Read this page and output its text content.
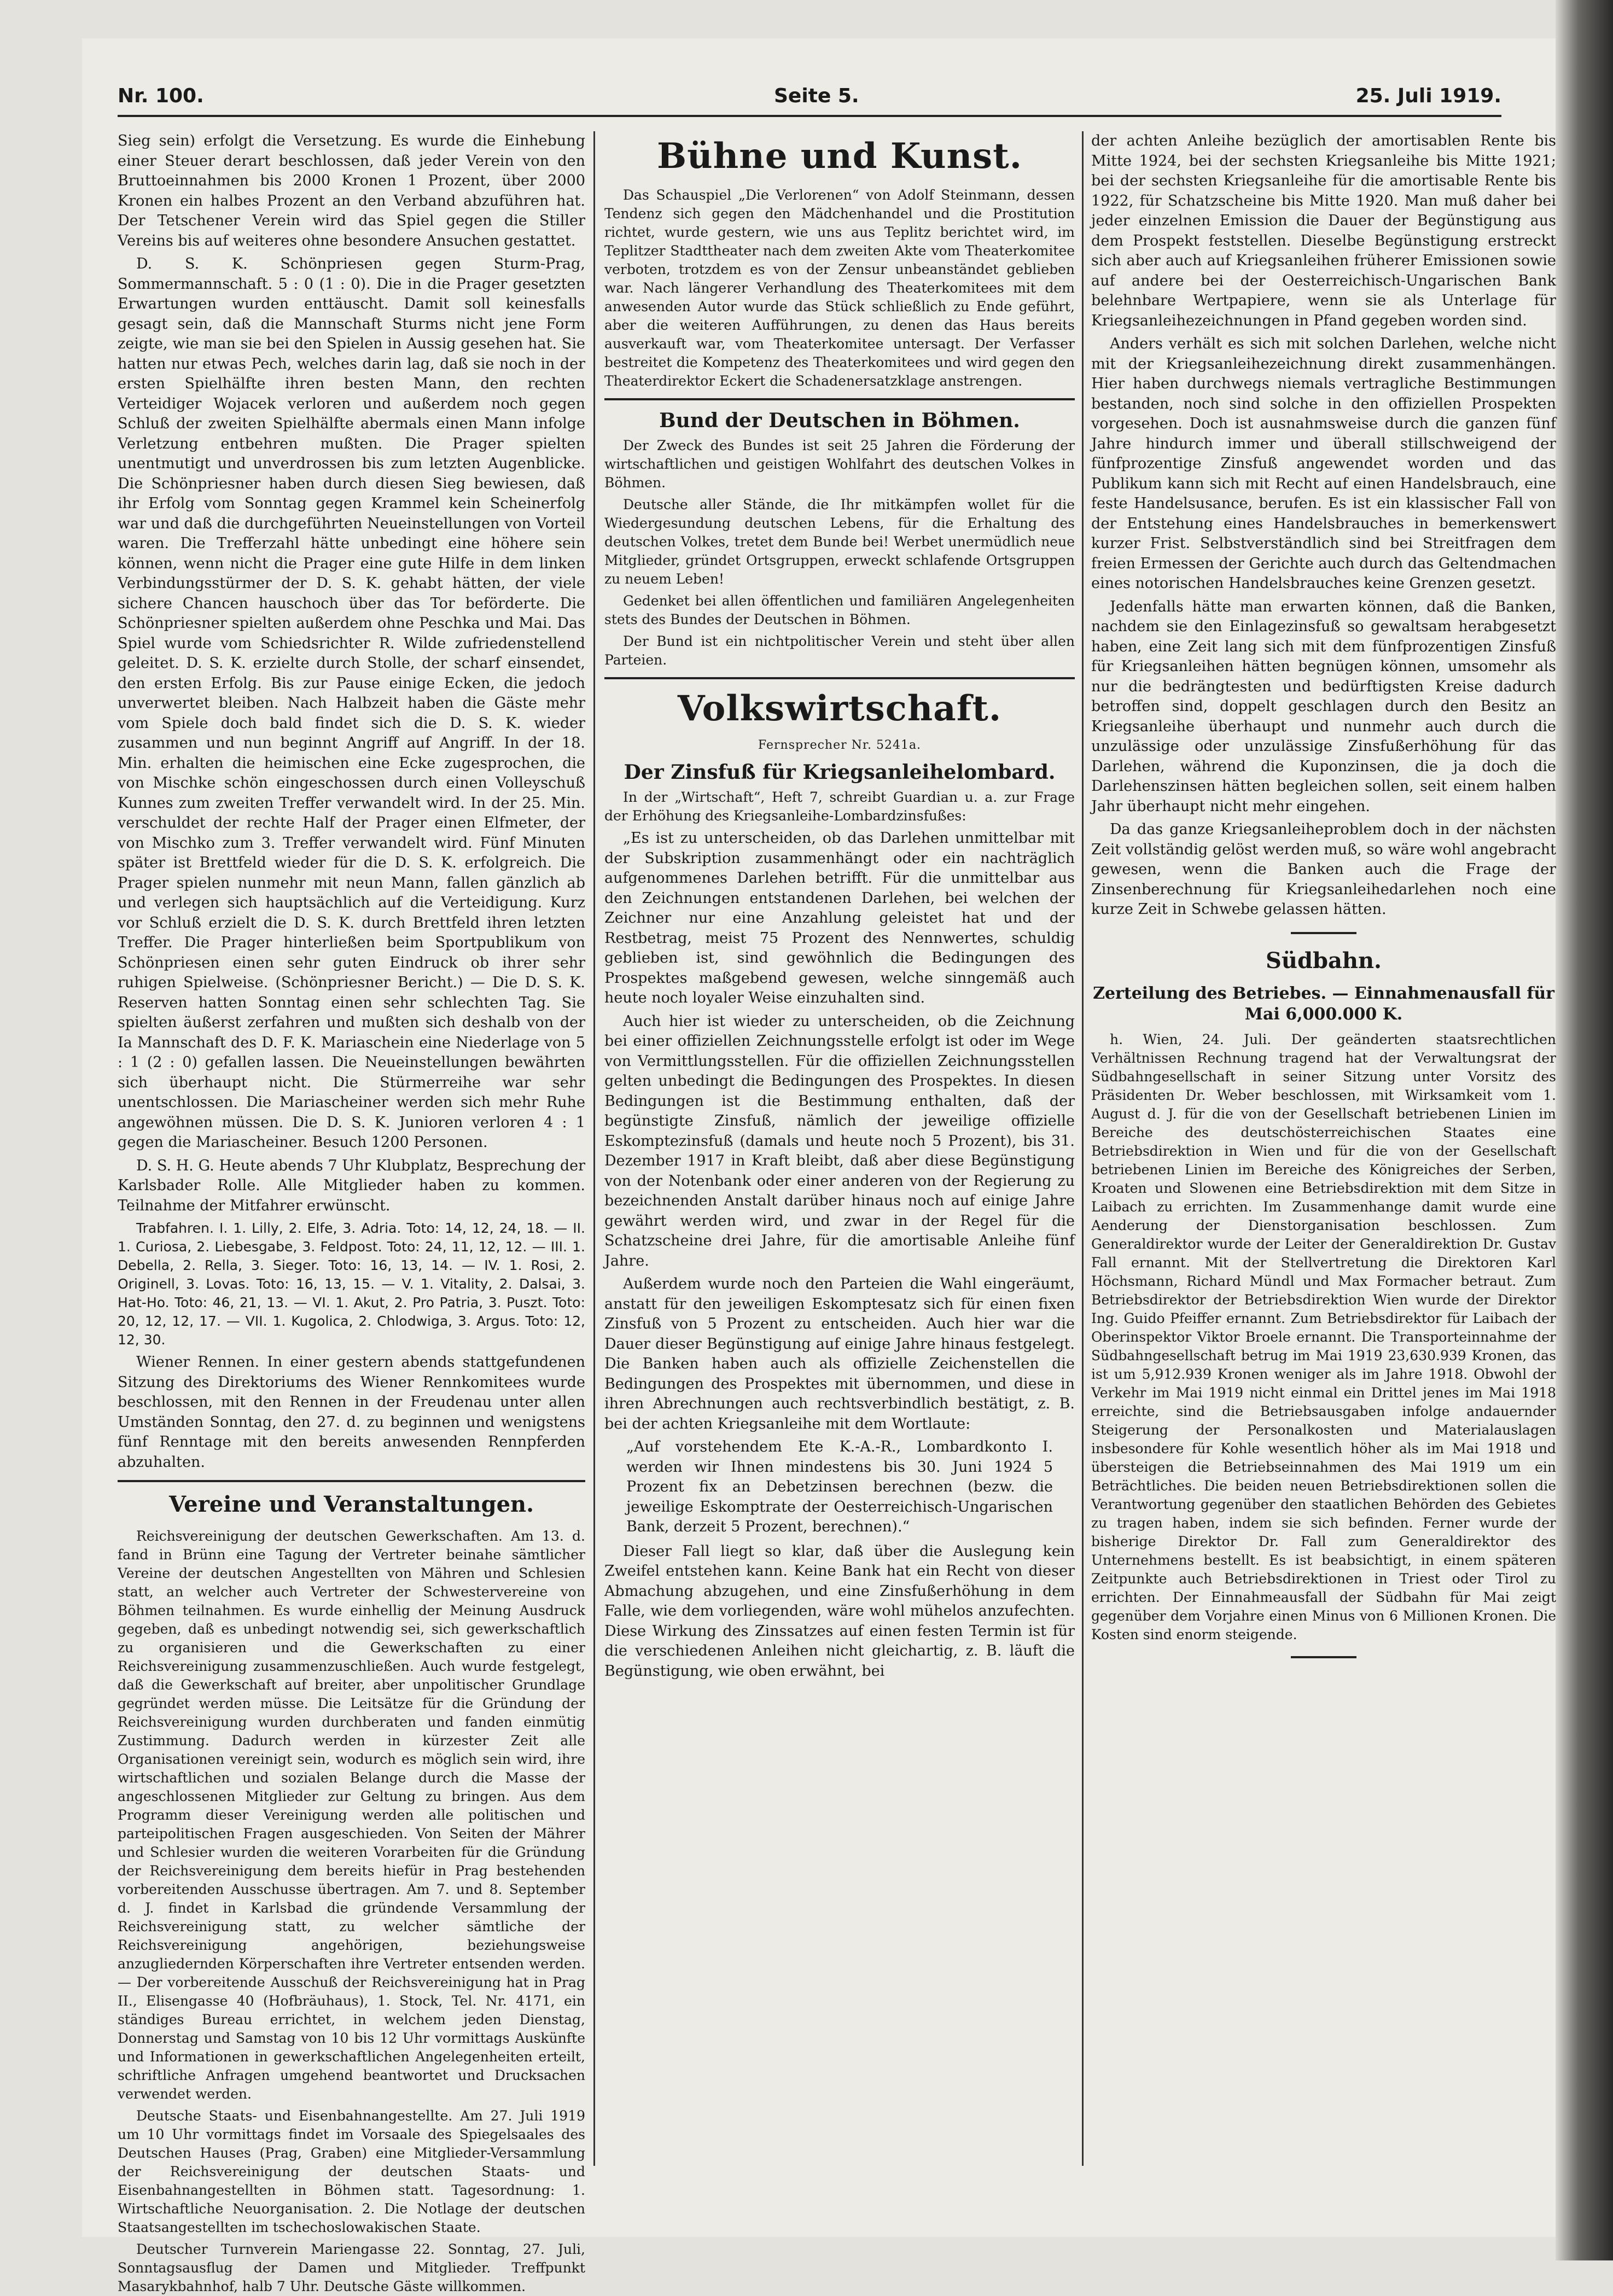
Nr. 100.	Seite 5.	25. Juli 1919.

Sieg sein) erfolgt die Versetzung. Es wurde die Einhebung einer Steuer derart beschlossen, daß jeder Verein von den Bruttoeinnahmen bis 2000 Kronen 1 Prozent, über 2000 Kronen ein halbes Prozent an den Verband abzuführen hat. Der Tetschener Verein wird das Spiel gegen die Stiller Vereins bis auf weiteres ohne besondere Ansuchen gestattet.

D. S. K. Schönpriesen gegen Sturm-Prag, Sommermannschaft. 5 : 0 (1 : 0). Die in die Prager gesetzten Erwartungen wurden enttäuscht. Damit soll keinesfalls gesagt sein, daß die Mannschaft Sturms nicht jene Form zeigte, wie man sie bei den Spielen in Aussig gesehen hat. Sie hatten nur etwas Pech, welches darin lag, daß sie noch in der ersten Spielhälfte ihren besten Mann, den rechten Verteidiger Wojacek verloren und außerdem noch gegen Schluß der zweiten Spielhälfte abermals einen Mann infolge Verletzung entbehren mußten. Die Prager spielten unentmutigt und unverdrossen bis zum letzten Augenblicke. Die Schönpriesner haben durch diesen Sieg bewiesen, daß ihr Erfolg vom Sonntag gegen Krammel kein Scheinerfolg war und daß die durchgeführten Neueinstellungen von Vorteil waren. Die Trefferzahl hätte unbedingt eine höhere sein können, wenn nicht die Prager eine gute Hilfe in dem linken Verbindungsstürmer der D. S. K. gehabt hätten, der viele sichere Chancen hauschoch über das Tor beförderte. Die Schönpriesner spielten außerdem ohne Peschka und Mai. Das Spiel wurde vom Schiedsrichter R. Wilde zufriedenstellend geleitet. D. S. K. erzielte durch Stolle, der scharf einsendet, den ersten Erfolg. Bis zur Pause einige Ecken, die jedoch unverwertet bleiben. Nach Halbzeit haben die Gäste mehr vom Spiele doch bald findet sich die D. S. K. wieder zusammen und nun beginnt Angriff auf Angriff. In der 18. Min. erhalten die heimischen eine Ecke zugesprochen, die von Mischke schön eingeschossen durch einen Volleyschuß Kunnes zum zweiten Treffer verwandelt wird. In der 25. Min. verschuldet der rechte Half der Prager einen Elfmeter, der von Mischko zum 3. Treffer verwandelt wird. Fünf Minuten später ist Brettfeld wieder für die D. S. K. erfolgreich. Die Prager spielen nunmehr mit neun Mann, fallen gänzlich ab und verlegen sich hauptsächlich auf die Verteidigung. Kurz vor Schluß erzielt die D. S. K. durch Brettfeld ihren letzten Treffer. Die Prager hinterließen beim Sportpublikum von Schönpriesen einen sehr guten Eindruck ob ihrer sehr ruhigen Spielweise. (Schönpriesner Bericht.) — Die D. S. K. Reserven hatten Sonntag einen sehr schlechten Tag. Sie spielten äußerst zerfahren und mußten sich deshalb von der Ia Mannschaft des D. F. K. Mariaschein eine Niederlage von 5 : 1 (2 : 0) gefallen lassen. Die Neueinstellungen bewährten sich überhaupt nicht. Die Stürmerreihe war sehr unentschlossen. Die Mariascheiner werden sich mehr Ruhe angewöhnen müssen. Die D. S. K. Junioren verloren 4 : 1 gegen die Mariascheiner. Besuch 1200 Personen.

D. S. H. G. Heute abends 7 Uhr Klubplatz, Besprechung der Karlsbader Rolle. Alle Mitglieder haben zu kommen. Teilnahme der Mitfahrer erwünscht.

Trabfahren. I. 1. Lilly, 2. Elfe, 3. Adria. Toto: 14, 12, 24, 18. — II. 1. Curiosa, 2. Liebesgabe, 3. Feldpost. Toto: 24, 11, 12, 12. — III. 1. Debella, 2. Rella, 3. Sieger. Toto: 16, 13, 14. — IV. 1. Rosi, 2. Originell, 3. Lovas. Toto: 16, 13, 15. — V. 1. Vitality, 2. Dalsai, 3. Hat-Ho. Toto: 46, 21, 13. — VI. 1. Akut, 2. Pro Patria, 3. Puszt. Toto: 20, 12, 12, 17. — VII. 1. Kugolica, 2. Chlodwiga, 3. Argus. Toto: 12, 12, 30.

Wiener Rennen. In einer gestern abends stattgefundenen Sitzung des Direktoriums des Wiener Rennkomitees wurde beschlossen, mit den Rennen in der Freudenau unter allen Umständen Sonntag, den 27. d. zu beginnen und wenigstens fünf Renntage mit den bereits anwesenden Rennpferden abzuhalten.

Vereine und Veranstaltungen.

Reichsvereinigung der deutschen Gewerkschaften. Am 13. d. fand in Brünn eine Tagung der Vertreter beinahe sämtlicher Vereine der deutschen Angestellten von Mähren und Schlesien statt, an welcher auch Vertreter der Schwestervereine von Böhmen teilnahmen. Es wurde einhellig der Meinung Ausdruck gegeben, daß es unbedingt notwendig sei, sich gewerkschaftlich zu organisieren und die Gewerkschaften zu einer Reichsvereinigung zusammenzuschließen. Auch wurde festgelegt, daß die Gewerkschaft auf breiter, aber unpolitischer Grundlage gegründet werden müsse. Die Leitsätze für die Gründung der Reichsvereinigung wurden durchberaten und fanden einmütig Zustimmung. Dadurch werden in kürzester Zeit alle Organisationen vereinigt sein, wodurch es möglich sein wird, ihre wirtschaftlichen und sozialen Belange durch die Masse der angeschlossenen Mitglieder zur Geltung zu bringen. Aus dem Programm dieser Vereinigung werden alle politischen und parteipolitischen Fragen ausgeschieden. Von Seiten der Mährer und Schlesier wurden die weiteren Vorarbeiten für die Gründung der Reichsvereinigung dem bereits hiefür in Prag bestehenden vorbereitenden Ausschusse übertragen. Am 7. und 8. September d. J. findet in Karlsbad die gründende Versammlung der Reichsvereinigung statt, zu welcher sämtliche der Reichsvereinigung angehörigen, beziehungsweise anzugliedernden Körperschaften ihre Vertreter entsenden werden. — Der vorbereitende Ausschuß der Reichsvereinigung hat in Prag II., Elisengasse 40 (Hofbräuhaus), 1. Stock, Tel. Nr. 4171, ein ständiges Bureau errichtet, in welchem jeden Dienstag, Donnerstag und Samstag von 10 bis 12 Uhr vormittags Auskünfte und Informationen in gewerkschaftlichen Angelegenheiten erteilt, schriftliche Anfragen umgehend beantwortet und Drucksachen verwendet werden.

Deutsche Staats- und Eisenbahnangestellte. Am 27. Juli 1919 um 10 Uhr vormittags findet im Vorsaale des Spiegelsaales des Deutschen Hauses (Prag, Graben) eine Mitglieder-Versammlung der Reichsvereinigung der deutschen Staats- und Eisenbahnangestellten in Böhmen statt. Tagesordnung: 1. Wirtschaftliche Neuorganisation. 2. Die Notlage der deutschen Staatsangestellten im tschechoslowakischen Staate.

Deutscher Turnverein Mariengasse 22. Sonntag, 27. Juli, Sonntagsausflug der Damen und Mitglieder. Treffpunkt Masarykbahnhof, halb 7 Uhr. Deutsche Gäste willkommen.

Bühne und Kunst.

Das Schauspiel „Die Verlorenen“ von Adolf Steinmann, dessen Tendenz sich gegen den Mädchenhandel und die Prostitution richtet, wurde gestern, wie uns aus Teplitz berichtet wird, im Teplitzer Stadttheater nach dem zweiten Akte vom Theaterkomitee verboten, trotzdem es von der Zensur unbeanständet geblieben war. Nach längerer Verhandlung des Theaterkomitees mit dem anwesenden Autor wurde das Stück schließlich zu Ende geführt, aber die weiteren Aufführungen, zu denen das Haus bereits ausverkauft war, vom Theaterkomitee untersagt. Der Verfasser bestreitet die Kompetenz des Theaterkomitees und wird gegen den Theaterdirektor Eckert die Schadenersatzklage anstrengen.

Bund der Deutschen in Böhmen.

Der Zweck des Bundes ist seit 25 Jahren die Förderung der wirtschaftlichen und geistigen Wohlfahrt des deutschen Volkes in Böhmen.

Deutsche aller Stände, die Ihr mitkämpfen wollet für die Wiedergesundung deutschen Lebens, für die Erhaltung des deutschen Volkes, tretet dem Bunde bei! Werbet unermüdlich neue Mitglieder, gründet Ortsgruppen, erweckt schlafende Ortsgruppen zu neuem Leben!

Gedenket bei allen öffentlichen und familiären Angelegenheiten stets des Bundes der Deutschen in Böhmen.

Der Bund ist ein nichtpolitischer Verein und steht über allen Parteien.

Volkswirtschaft.
Fernsprecher Nr. 5241a.
Der Zinsfuß für Kriegsanleihelombard.

In der „Wirtschaft“, Heft 7, schreibt Guardian u. a. zur Frage der Erhöhung des Kriegsanleihe-Lombardzinsfußes:

„Es ist zu unterscheiden, ob das Darlehen unmittelbar mit der Subskription zusammenhängt oder ein nachträglich aufgenommenes Darlehen betrifft. Für die unmittelbar aus den Zeichnungen entstandenen Darlehen, bei welchen der Zeichner nur eine Anzahlung geleistet hat und der Restbetrag, meist 75 Prozent des Nennwertes, schuldig geblieben ist, sind gewöhnlich die Bedingungen des Prospektes maßgebend gewesen, welche sinngemäß auch heute noch loyaler Weise einzuhalten sind.

Auch hier ist wieder zu unterscheiden, ob die Zeichnung bei einer offiziellen Zeichnungsstelle erfolgt ist oder im Wege von Vermittlungsstellen. Für die offiziellen Zeichnungsstellen gelten unbedingt die Bedingungen des Prospektes. In diesen Bedingungen ist die Bestimmung enthalten, daß der begünstigte Zinsfuß, nämlich der jeweilige offizielle Eskomptezinsfuß (damals und heute noch 5 Prozent), bis 31. Dezember 1917 in Kraft bleibt, daß aber diese Begünstigung von der Notenbank oder einer anderen von der Regierung zu bezeichnenden Anstalt darüber hinaus noch auf einige Jahre gewährt werden wird, und zwar in der Regel für die Schatzscheine drei Jahre, für die amortisable Anleihe fünf Jahre.

Außerdem wurde noch den Parteien die Wahl eingeräumt, anstatt für den jeweiligen Eskomptesatz sich für einen fixen Zinsfuß von 5 Prozent zu entscheiden. Auch hier war die Dauer dieser Begünstigung auf einige Jahre hinaus festgelegt. Die Banken haben auch als offizielle Zeichenstellen die Bedingungen des Prospektes mit übernommen, und diese in ihren Abrechnungen auch rechtsverbindlich bestätigt, z. B. bei der achten Kriegsanleihe mit dem Wortlaute:

„Auf vorstehendem Ete K.-A.-R., Lombardkonto I. werden wir Ihnen mindestens bis 30. Juni 1924 5 Prozent fix an Debetzinsen berechnen (bezw. die jeweilige Eskomptrate der Oesterreichisch-Ungarischen Bank, derzeit 5 Prozent, berechnen).“

Dieser Fall liegt so klar, daß über die Auslegung kein Zweifel entstehen kann. Keine Bank hat ein Recht von dieser Abmachung abzugehen, und eine Zinsfußerhöhung in dem Falle, wie dem vorliegenden, wäre wohl mühelos anzufechten. Diese Wirkung des Zinssatzes auf einen festen Termin ist für die verschiedenen Anleihen nicht gleichartig, z. B. läuft die Begünstigung, wie oben erwähnt, bei

der achten Anleihe bezüglich der amortisablen Rente bis Mitte 1924, bei der sechsten Kriegsanleihe bis Mitte 1921; bei der sechsten Kriegsanleihe für die amortisable Rente bis 1922, für Schatzscheine bis Mitte 1920. Man muß daher bei jeder einzelnen Emission die Dauer der Begünstigung aus dem Prospekt feststellen. Dieselbe Begünstigung erstreckt sich aber auch auf Kriegsanleihen früherer Emissionen sowie auf andere bei der Oesterreichisch-Ungarischen Bank belehnbare Wertpapiere, wenn sie als Unterlage für Kriegsanleihezeichnungen in Pfand gegeben worden sind.

Anders verhält es sich mit solchen Darlehen, welche nicht mit der Kriegsanleihezeichnung direkt zusammenhängen. Hier haben durchwegs niemals vertragliche Bestimmungen bestanden, noch sind solche in den offiziellen Prospekten vorgesehen. Doch ist ausnahmsweise durch die ganzen fünf Jahre hindurch immer und überall stillschweigend der fünfprozentige Zinsfuß angewendet worden und das Publikum kann sich mit Recht auf einen Handelsbrauch, eine feste Handelsusance, berufen. Es ist ein klassischer Fall von der Entstehung eines Handelsbrauches in bemerkenswert kurzer Frist. Selbstverständlich sind bei Streitfragen dem freien Ermessen der Gerichte auch durch das Geltendmachen eines notorischen Handelsbrauches keine Grenzen gesetzt.

Jedenfalls hätte man erwarten können, daß die Banken, nachdem sie den Einlagezinsfuß so gewaltsam herabgesetzt haben, eine Zeit lang sich mit dem fünfprozentigen Zinsfuß für Kriegsanleihen hätten begnügen können, umsomehr als nur die bedrängtesten und bedürftigsten Kreise dadurch betroffen sind, doppelt geschlagen durch den Besitz an Kriegsanleihe überhaupt und nunmehr auch durch die unzulässige oder unzulässige Zinsfußerhöhung für das Darlehen, während die Kuponzinsen, die ja doch die Darlehenszinsen hätten begleichen sollen, seit einem halben Jahr überhaupt nicht mehr eingehen.

Da das ganze Kriegsanleiheproblem doch in der nächsten Zeit vollständig gelöst werden muß, so wäre wohl angebracht gewesen, wenn die Banken auch die Frage der Zinsenberechnung für Kriegsanleihedarlehen noch eine kurze Zeit in Schwebe gelassen hätten.

Südbahn.
Zerteilung des Betriebes. — Einnahmenausfall für Mai 6,000.000 K.

h. Wien, 24. Juli. Der geänderten staatsrechtlichen Verhältnissen Rechnung tragend hat der Verwaltungsrat der Südbahngesellschaft in seiner Sitzung unter Vorsitz des Präsidenten Dr. Weber beschlossen, mit Wirksamkeit vom 1. August d. J. für die von der Gesellschaft betriebenen Linien im Bereiche des deutschösterreichischen Staates eine Betriebsdirektion in Wien und für die von der Gesellschaft betriebenen Linien im Bereiche des Königreiches der Serben, Kroaten und Slowenen eine Betriebsdirektion mit dem Sitze in Laibach zu errichten. Im Zusammenhange damit wurde eine Aenderung der Dienstorganisation beschlossen. Zum Generaldirektor wurde der Leiter der Generaldirektion Dr. Gustav Fall ernannt. Mit der Stellvertretung die Direktoren Karl Höchsmann, Richard Mündl und Max Formacher betraut. Zum Betriebsdirektor der Betriebsdirektion Wien wurde der Direktor Ing. Guido Pfeiffer ernannt. Zum Betriebsdirektor für Laibach der Oberinspektor Viktor Broele ernannt. Die Transporteinnahme der Südbahngesellschaft betrug im Mai 1919 23,630.939 Kronen, das ist um 5,912.939 Kronen weniger als im Jahre 1918. Obwohl der Verkehr im Mai 1919 nicht einmal ein Drittel jenes im Mai 1918 erreichte, sind die Betriebsausgaben infolge andauernder Steigerung der Personalkosten und Materialauslagen insbesondere für Kohle wesentlich höher als im Mai 1918 und übersteigen die Betriebseinnahmen des Mai 1919 um ein Beträchtliches. Die beiden neuen Betriebsdirektionen sollen die Verantwortung gegenüber den staatlichen Behörden des Gebietes zu tragen haben, indem sie sich befinden. Ferner wurde der bisherige Direktor Dr. Fall zum Generaldirektor des Unternehmens bestellt. Es ist beabsichtigt, in einem späteren Zeitpunkte auch Betriebsdirektionen in Triest oder Tirol zu errichten. Der Einnahmeausfall der Südbahn für Mai zeigt gegenüber dem Vorjahre einen Minus von 6 Millionen Kronen. Die Kosten sind enorm steigende.
